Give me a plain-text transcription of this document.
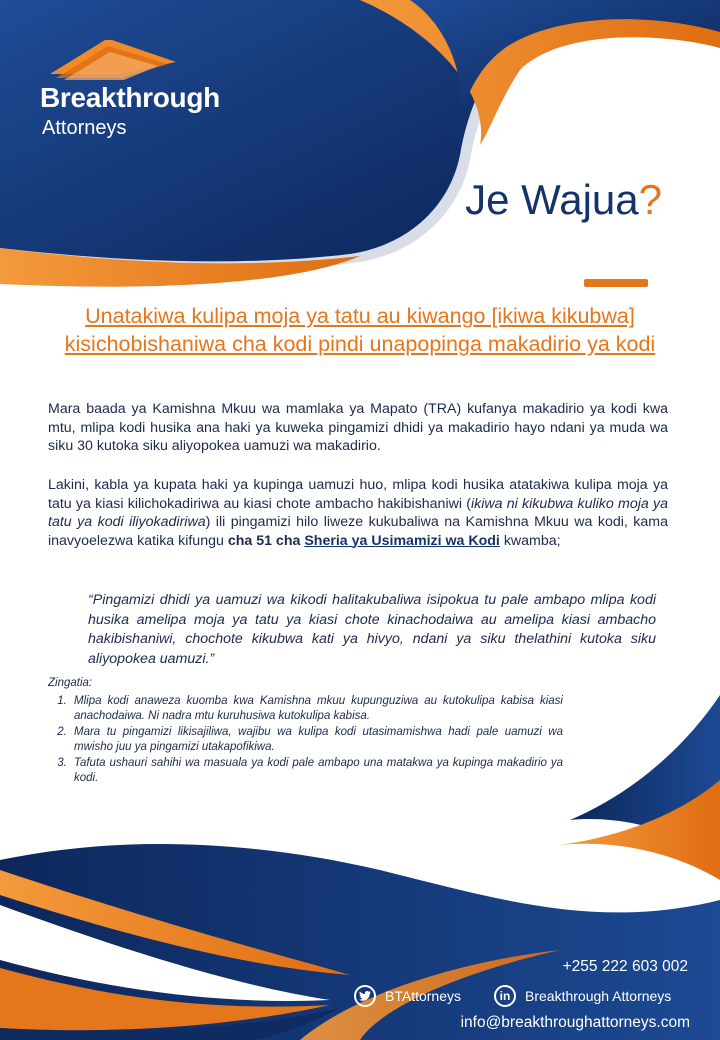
Breakthrough
Attorneys
Je Wajua?
Unatakiwa kulipa moja ya tatu au kiwango [ikiwa kikubwa] kisichobishaniwa cha kodi pindi unapopinga makadirio ya kodi
Mara baada ya Kamishna Mkuu wa mamlaka ya Mapato (TRA) kufanya makadirio ya kodi kwa mtu, mlipa kodi husika ana haki ya kuweka pingamizi dhidi ya makadirio hayo ndani ya muda wa siku 30 kutoka siku aliyopokea uamuzi wa makadirio.
Lakini, kabla ya kupata haki ya kupinga uamuzi huo, mlipa kodi husika atatakiwa kulipa moja ya tatu ya kiasi kilichokadiriwa au kiasi chote ambacho hakibishaniwi (ikiwa ni kikubwa kuliko moja ya tatu ya kodi iliyokadiriwa) ili pingamizi hilo liweze kukubaliwa na Kamishna Mkuu wa kodi, kama inavyoelezwa katika kifungu cha 51 cha Sheria ya Usimamizi wa Kodi kwamba;
“Pingamizi dhidi ya uamuzi wa kikodi halitakubaliwa isipokua tu pale ambapo mlipa kodi husika amelipa moja ya tatu ya kiasi chote kinachodaiwa au amelipa kiasi ambacho hakibishaniwi, chochote kikubwa kati ya hivyo, ndani ya siku thelathini kutoka siku aliyopokea uamuzi.”
Zingatia:
1. Mlipa kodi anaweza kuomba kwa Kamishna mkuu kupunguziwa au kutokulipa kabisa kiasi anachodaiwa. Ni nadra mtu kuruhusiwa kutokulipa kabisa.
2. Mara tu pingamizi likisajiliwa, wajibu wa kulipa kodi utasimamishwa hadi pale uamuzi wa mwisho juu ya pingamizi utakapofikiwa.
3. Tafuta ushauri sahihi wa masuala ya kodi pale ambapo una matakwa ya kupinga makadirio ya kodi.
+255 222 603 002
BTAttorneys	in	Breakthrough Attorneys
info@breakthroughattorneys.com
